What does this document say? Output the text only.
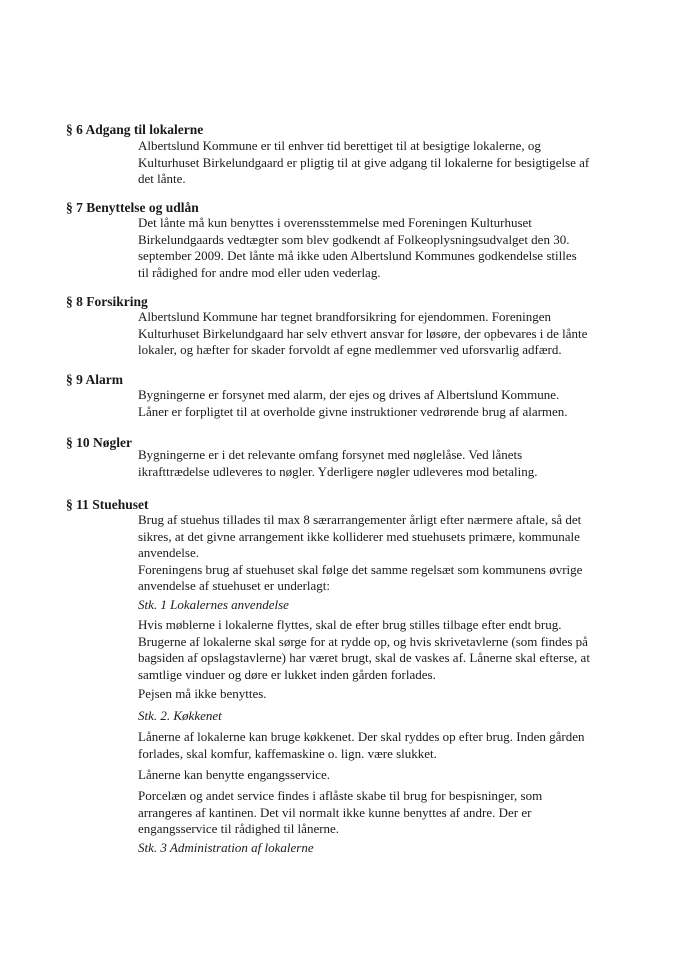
§ 6 Adgang til lokalerne
Albertslund Kommune er til enhver tid berettiget til at besigtige lokalerne, og
Kulturhuset Birkelundgaard er pligtig til at give adgang til lokalerne for besigtigelse af
det lånte.
§ 7 Benyttelse og udlån
Det lånte må kun benyttes i overensstemmelse med Foreningen Kulturhuset
Birkelundgaards vedtægter som blev godkendt af Folkeoplysningsudvalget den 30.
september 2009. Det lånte må ikke uden Albertslund Kommunes godkendelse stilles
til rådighed for andre mod eller uden vederlag.
§ 8 Forsikring
Albertslund Kommune har tegnet brandforsikring for ejendommen. Foreningen
Kulturhuset Birkelundgaard har selv ethvert ansvar for løsøre, der opbevares i de lånte
lokaler, og hæfter for skader forvoldt af egne medlemmer ved uforsvarlig adfærd.
§ 9 Alarm
Bygningerne er forsynet med alarm, der ejes og drives af Albertslund Kommune.
Låner er forpligtet til at overholde givne instruktioner vedrørende brug af alarmen.
§ 10 Nøgler
Bygningerne er i det relevante omfang forsynet med nøglelåse. Ved lånets
ikrafttrædelse udleveres to nøgler. Yderligere nøgler udleveres mod betaling.
§ 11 Stuehuset
Brug af stuehus tillades til max 8 særarrangementer årligt efter nærmere aftale, så det
sikres, at det givne arrangement ikke kolliderer med stuehusets primære, kommunale
anvendelse.
Foreningens brug af stuehuset skal følge det samme regelsæt som kommunens øvrige
anvendelse af stuehuset er underlagt:
Stk. 1 Lokalernes anvendelse
Hvis møblerne i lokalerne flyttes, skal de efter brug stilles tilbage efter endt brug.
Brugerne af lokalerne skal sørge for at rydde op, og hvis skrivetavlerne (som findes på
bagsiden af opslagstavlerne) har været brugt, skal de vaskes af. Lånerne skal efterse, at
samtlige vinduer og døre er lukket inden gården forlades.
Pejsen må ikke benyttes.
Stk. 2. Køkkenet
Lånerne af lokalerne kan bruge køkkenet. Der skal ryddes op efter brug. Inden gården
forlades, skal komfur, kaffemaskine o. lign. være slukket.
Lånerne kan benytte engangsservice.
Porcelæn og andet service findes i aflåste skabe til brug for bespisninger, som
arrangeres af kantinen. Det vil normalt ikke kunne benyttes af andre. Der er
engangsservice til rådighed til lånerne.
Stk. 3 Administration af lokalerne
